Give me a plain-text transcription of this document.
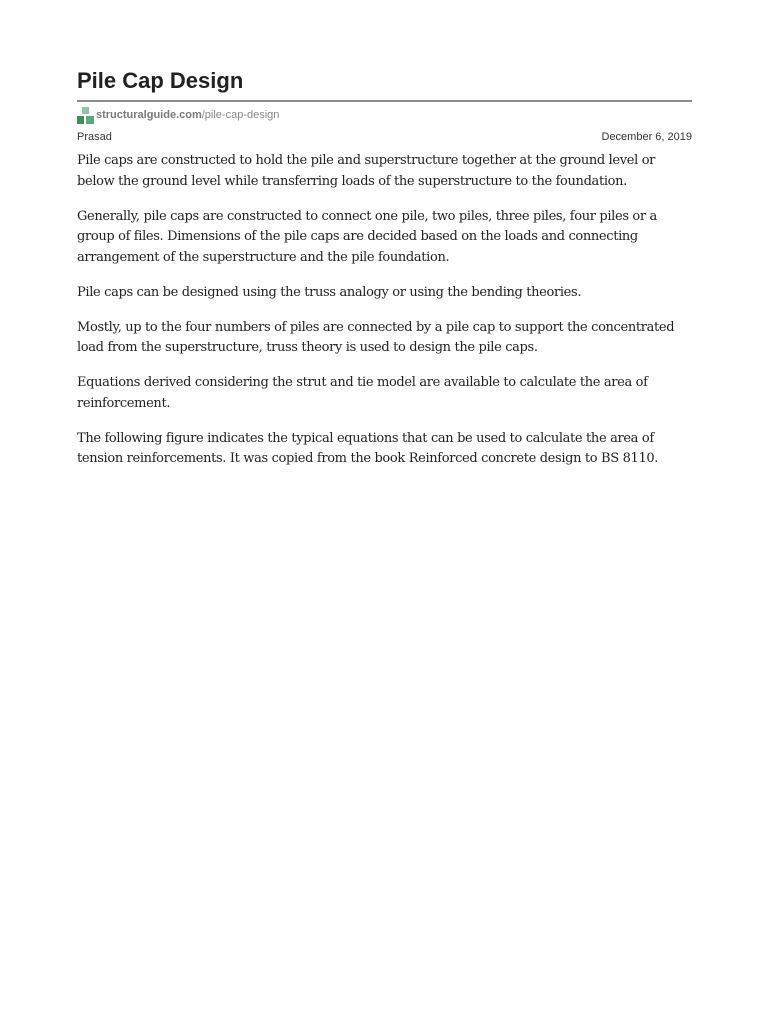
Pile Cap Design
structuralguide.com /pile-cap-design
Prasad	December 6, 2019

Pile caps are constructed to hold the pile and superstructure together at the ground level or below the ground level while transferring loads of the superstructure to the foundation.

Generally, pile caps are constructed to connect one pile, two piles, three piles, four piles or a group of files. Dimensions of the pile caps are decided based on the loads and connecting arrangement of the superstructure and the pile foundation.

Pile caps can be designed using the truss analogy or using the bending theories.

Mostly, up to the four numbers of piles are connected by a pile cap to support the concentrated load from the superstructure, truss theory is used to design the pile caps.

Equations derived considering the strut and tie model are available to calculate the area of reinforcement.

The following figure indicates the typical equations that can be used to calculate the area of tension reinforcements. It was copied from the book Reinforced concrete design to BS 8110.
